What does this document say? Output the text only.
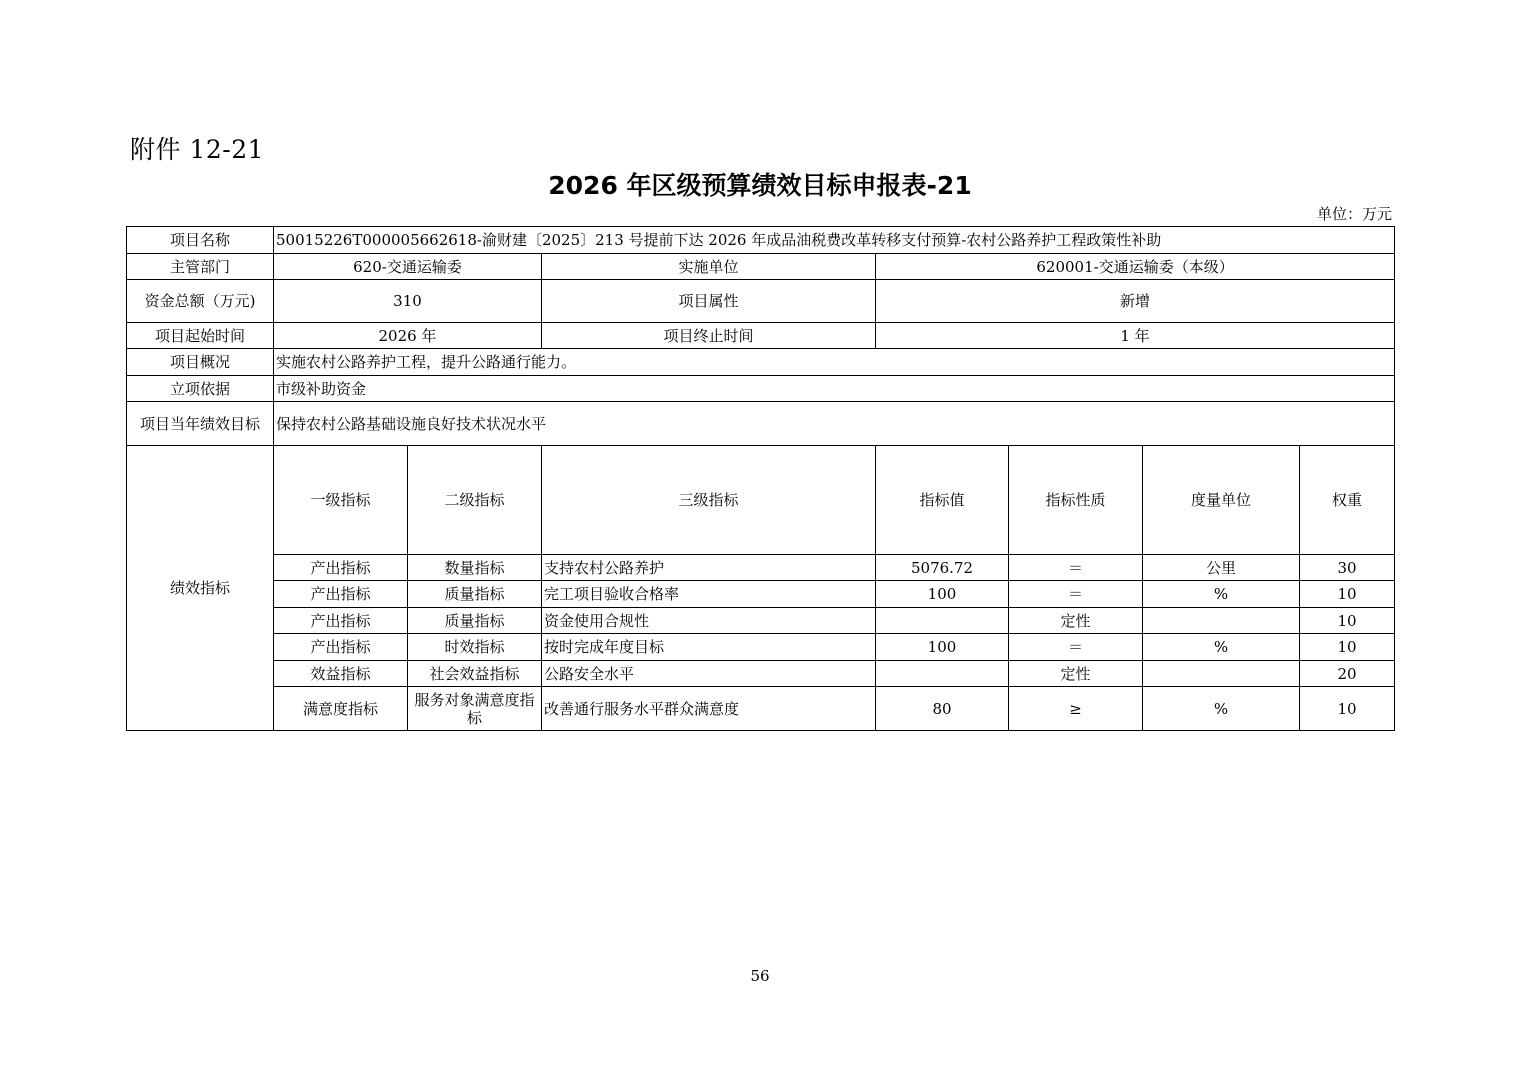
附件 12-21
2026 年区级预算绩效目标申报表-21
单位：万元
项目名称	50015226T000005662618-渝财建〔2025〕213 号提前下达 2026 年成品油税费改革转移支付预算-农村公路养护工程政策性补助							
主管部门	620-交通运输委		实施单位	620001-交通运输委（本级）				
资金总额（万元)	310		项目属性	新增				
项目起始时间	2026 年		项目终止时间	1 年				
项目概况	实施农村公路养护工程，提升公路通行能力。							
立项依据	市级补助资金							
项目当年绩效目标	保持农村公路基础设施良好技术状况水平							
绩效指标	一级指标	二级指标	三级指标	指标值	指标性质	度量单位	权重	
	产出指标	数量指标	支持农村公路养护	5076.72	＝	公里	30	
	产出指标	质量指标	完工项目验收合格率	100	＝	%	10	
	产出指标	质量指标	资金使用合规性		定性		10	
	产出指标	时效指标	按时完成年度目标	100	＝	%	10	
	效益指标	社会效益指标	公路安全水平		定性		20	
	满意度指标	服务对象满意度指标	改善通行服务水平群众满意度	80	≥	%	10	
56
